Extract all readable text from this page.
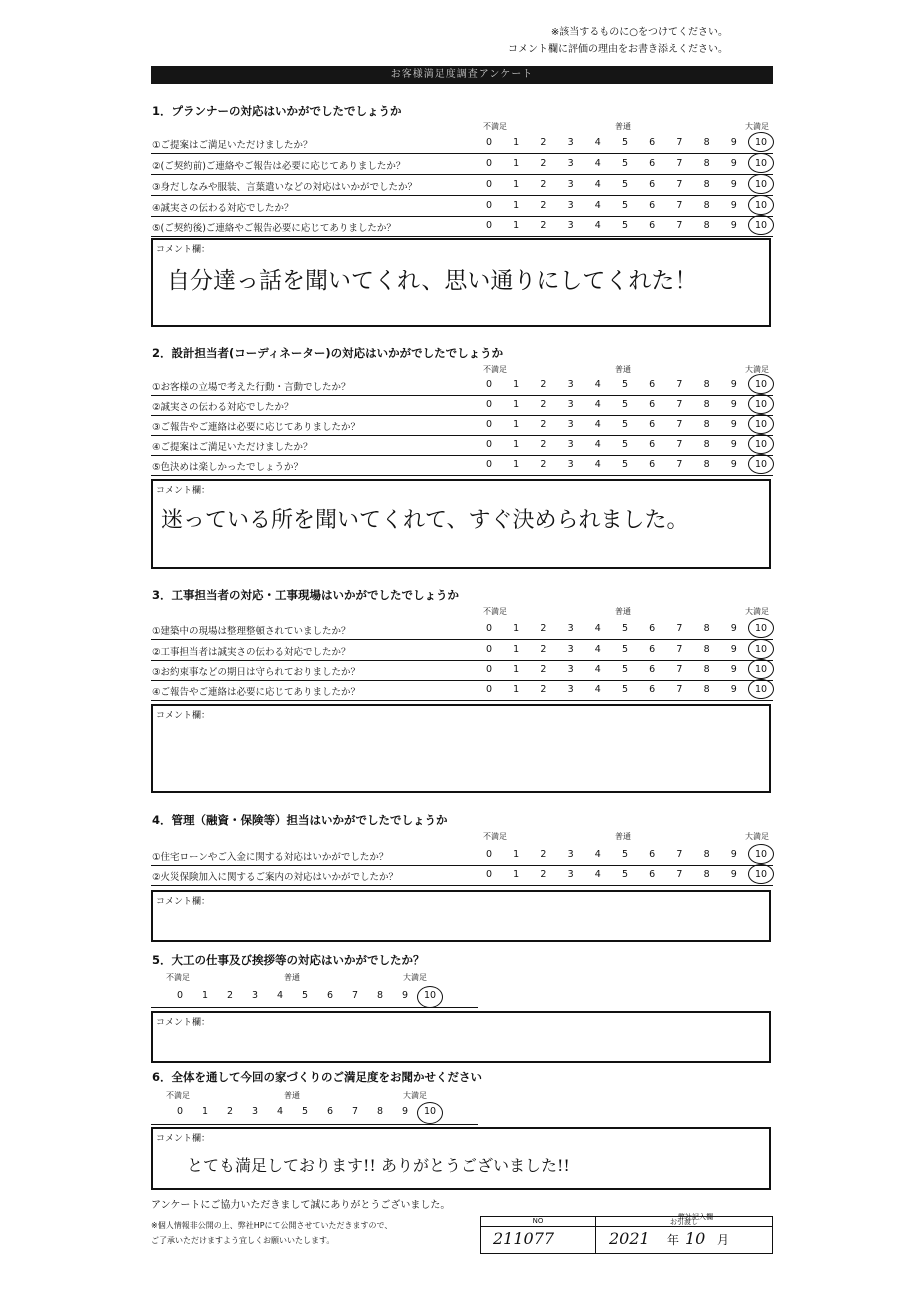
※該当するものに○をつけてください。
コメント欄に評価の理由をお書き添えください。
お客様満足度調査アンケート
1．プランナーの対応はいかがでしたでしょうか
不満足	普通	大満足
①ご提案はご満足いただけましたか？	0	1	2	3	4	5	6	7	8	9	10
②(ご契約前)ご連絡やご報告は必要に応じてありましたか？	0	1	2	3	4	5	6	7	8	9	10
③身だしなみや服装、言葉遣いなどの対応はいかがでしたか？	0	1	2	3	4	5	6	7	8	9	10
④誠実さの伝わる対応でしたか？	0	1	2	3	4	5	6	7	8	9	10
⑤(ご契約後)ご連絡やご報告必要に応じてありましたか？	0	1	2	3	4	5	6	7	8	9	10
コメント欄：
自分達っ話を聞いてくれ、思い通りにしてくれた！
2．設計担当者(コーディネーター)の対応はいかがでしたでしょうか
不満足	普通	大満足
①お客様の立場で考えた行動・言動でしたか？	0	1	2	3	4	5	6	7	8	9	10
②誠実さの伝わる対応でしたか？	0	1	2	3	4	5	6	7	8	9	10
③ご報告やご連絡は必要に応じてありましたか？	0	1	2	3	4	5	6	7	8	9	10
④ご提案はご満足いただけましたか？	0	1	2	3	4	5	6	7	8	9	10
⑤色決めは楽しかったでしょうか？	0	1	2	3	4	5	6	7	8	9	10
コメント欄：
迷っている所を聞いてくれて、すぐ決められました。
3．工事担当者の対応・工事現場はいかがでしたでしょうか
不満足	普通	大満足
①建築中の現場は整理整頓されていましたか？	0	1	2	3	4	5	6	7	8	9	10
②工事担当者は誠実さの伝わる対応でしたか？	0	1	2	3	4	5	6	7	8	9	10
③お約束事などの期日は守られておりましたか？	0	1	2	3	4	5	6	7	8	9	10
④ご報告やご連絡は必要に応じてありましたか？	0	1	2	3	4	5	6	7	8	9	10
コメント欄：
4．管理（融資・保険等）担当はいかがでしたでしょうか
不満足	普通	大満足
①住宅ローンやご入金に関する対応はいかがでしたか？	0	1	2	3	4	5	6	7	8	9	10
②火災保険加入に関するご案内の対応はいかがでしたか？	0	1	2	3	4	5	6	7	8	9	10
コメント欄：
5．大工の仕事及び挨拶等の対応はいかがでしたか？
不満足	普通	大満足
0	1	2	3	4	5	6	7	8	9	10
コメント欄：
6．全体を通して今回の家づくりのご満足度をお聞かせください
不満足	普通	大満足
0	1	2	3	4	5	6	7	8	9	10
コメント欄：
とても満足しております!! ありがとうございました!!
アンケートにご協力いただきまして誠にありがとうございました。
※個人情報非公開の上、弊社HPにて公開させていただきますので、
ご了承いただけますよう宜しくお願いいたします。
弊社記入欄
NO	お引渡し
211077	2021 年 10 月
